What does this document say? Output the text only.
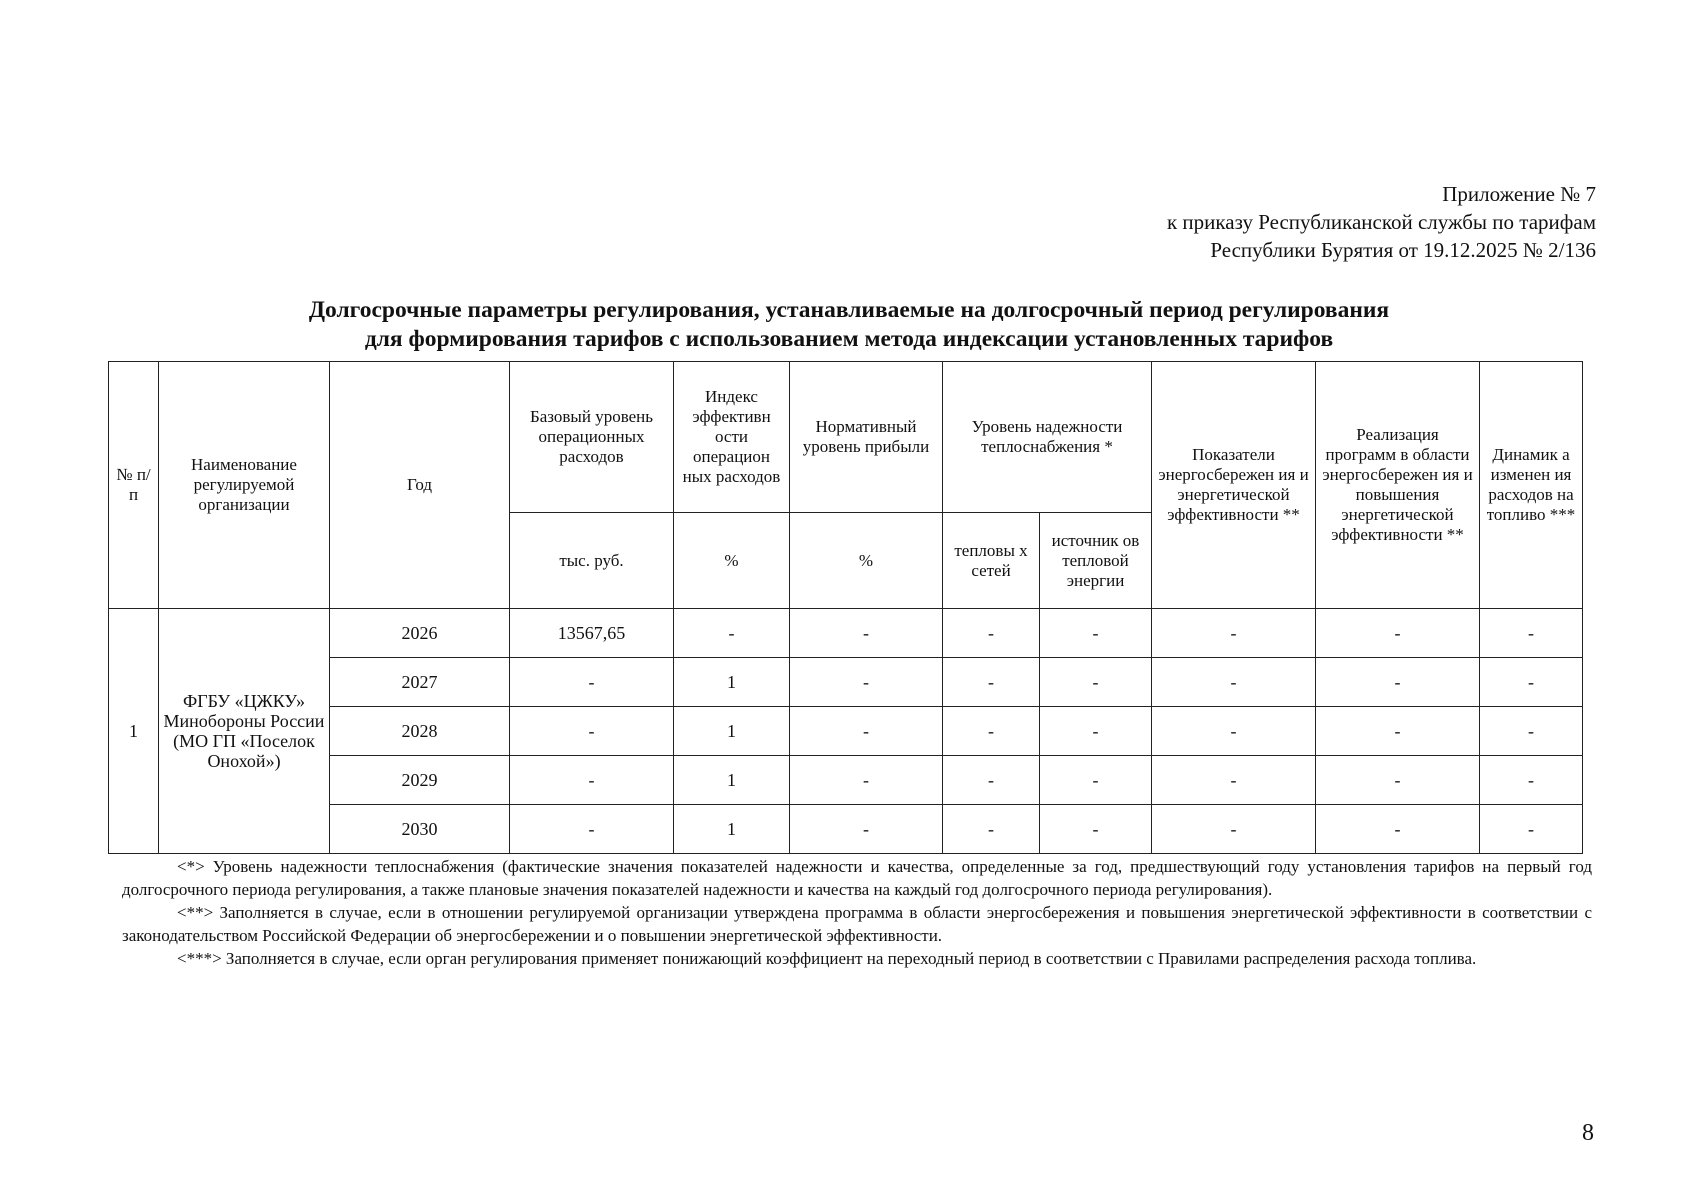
Приложение № 7
к приказу Республиканской службы по тарифам
Республики Бурятия от 19.12.2025 № 2/136
Долгосрочные параметры регулирования, устанавливаемые на долгосрочный период регулирования
для формирования тарифов с использованием метода индексации установленных тарифов
№ п/п	Наименование регулируемой организации	Год	Базовый уровень операционных расходов	Индекс эффективн ости операцион ных расходов	Нормативный уровень прибыли	Уровень надежности теплоснабжения *		Показатели энергосбережен ия и энергетической эффективности **	Реализация программ в области энергосбережен ия и повышения энергетической эффективности **	Динамик а изменен ия расходов на топливо ***
			тыс. руб.	%	%	тепловы х сетей	источник ов тепловой энергии			
1	ФГБУ «ЦЖКУ» Минобороны России (МО ГП «Поселок Онохой»)	2026	13567,65	-	-	-	-	-	-	-
		2027	-	1	-	-	-	-	-	-
		2028	-	1	-	-	-	-	-	-
		2029	-	1	-	-	-	-	-	-
		2030	-	1	-	-	-	-	-	-

<*> Уровень надежности теплоснабжения (фактические значения показателей надежности и качества, определенные за год, предшествующий году установления тарифов на первый год долгосрочного периода регулирования, а также плановые значения показателей надежности и качества на каждый год долгосрочного периода регулирования).

<**> Заполняется в случае, если в отношении регулируемой организации утверждена программа в области энергосбережения и повышения энергетической эффективности в соответствии с законодательством Российской Федерации об энергосбережении и о повышении энергетической эффективности.

<***> Заполняется в случае, если орган регулирования применяет понижающий коэффициент на переходный период в соответствии с Правилами распределения расхода топлива.

8
